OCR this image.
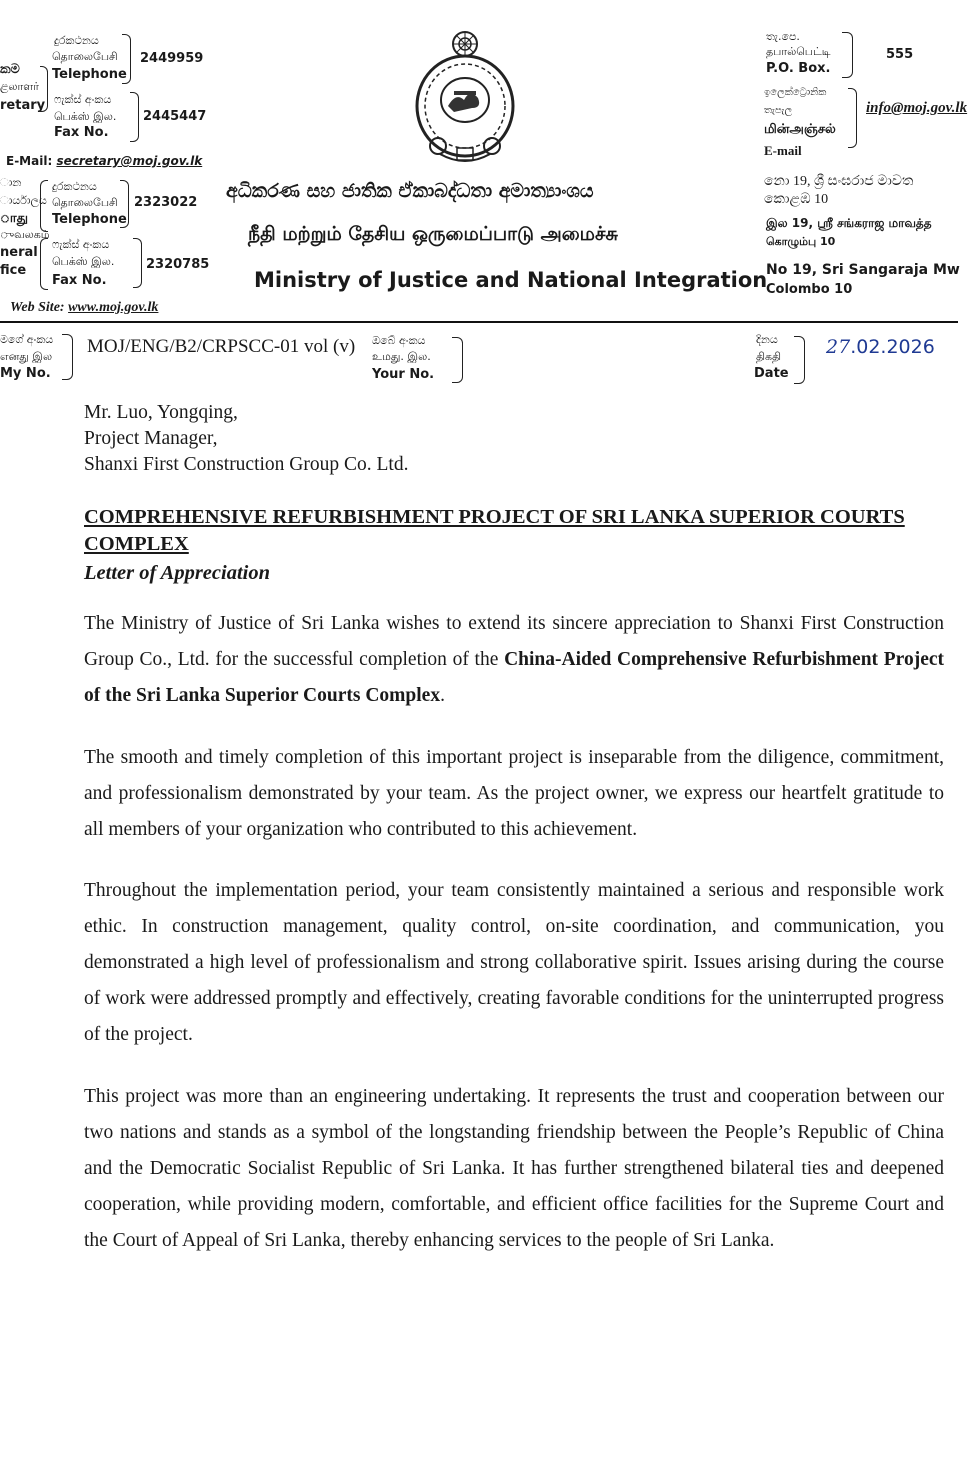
දුරකථනය
தொலைபேசி
Telephone
2449959
කම
ළலாளர்
retary ෆැක්ස් අංකය
பெக்ஸ் இல.
Fax No.
2445447
E-Mail: secretary@moj.gov.lk
ාන
ාර්යාලය
ாது
ுவலகம்
neral
fice
දුරකථනය
தொலைபேசி
Telephone
2323022
ෆැක්ස් අංකය
பெக்ஸ் இல.
Fax No.
2320785
Web Site: www.moj.gov.lk
අධිකරණ සහ ජාතික ඒකාබද්ධතා අමාත්‍යාංශය
நீதி மற்றும் தேசிய ஒருமைப்பாடு அமைச்சு
Ministry of Justice and National Integration
තැ.පෙ.
தபால்பெட்டி
P.O. Box.
555
ඉලෙක්ට්‍රොනික
තැපැල
மின்அஞ்சல்
E-mail
info@moj.gov.lk
නො 19, ශ්‍රී සංඝරාජ මාවත
කොළඹ 10
இல 19, ஸ்ரீ சங்கராஜ மாவத்த
கொழும்பு 10
No 19, Sri Sangaraja Mw
Colombo 10
මගේ අංකය
எனது இல
My No.
MOJ/ENG/B2/CRPSCC-01 vol (v) ඔබේ අංකය
உமது. இல.
Your No.
දිනය
திகதி
Date
27.02.2026
Mr. Luo, Yongqing,
Project Manager,
Shanxi First Construction Group Co. Ltd.
COMPREHENSIVE REFURBISHMENT PROJECT OF SRI LANKA SUPERIOR COURTS
COMPLEX
Letter of Appreciation
The Ministry of Justice of Sri Lanka wishes to extend its sincere appreciation to Shanxi First Construction Group Co., Ltd. for the successful completion of the China-Aided Comprehensive Refurbishment Project of the Sri Lanka Superior Courts Complex.
The smooth and timely completion of this important project is inseparable from the diligence, commitment, and professionalism demonstrated by your team. As the project owner, we express our heartfelt gratitude to all members of your organization who contributed to this achievement.
Throughout the implementation period, your team consistently maintained a serious and responsible work ethic. In construction management, quality control, on-site coordination, and communication, you demonstrated a high level of professionalism and strong collaborative spirit. Issues arising during the course of work were addressed promptly and effectively, creating favorable conditions for the uninterrupted progress of the project.
This project was more than an engineering undertaking. It represents the trust and cooperation between our two nations and stands as a symbol of the longstanding friendship between the People’s Republic of China and the Democratic Socialist Republic of Sri Lanka. It has further strengthened bilateral ties and deepened cooperation, while providing modern, comfortable, and efficient office facilities for the Supreme Court and the Court of Appeal of Sri Lanka, thereby enhancing services to the people of Sri Lanka.
